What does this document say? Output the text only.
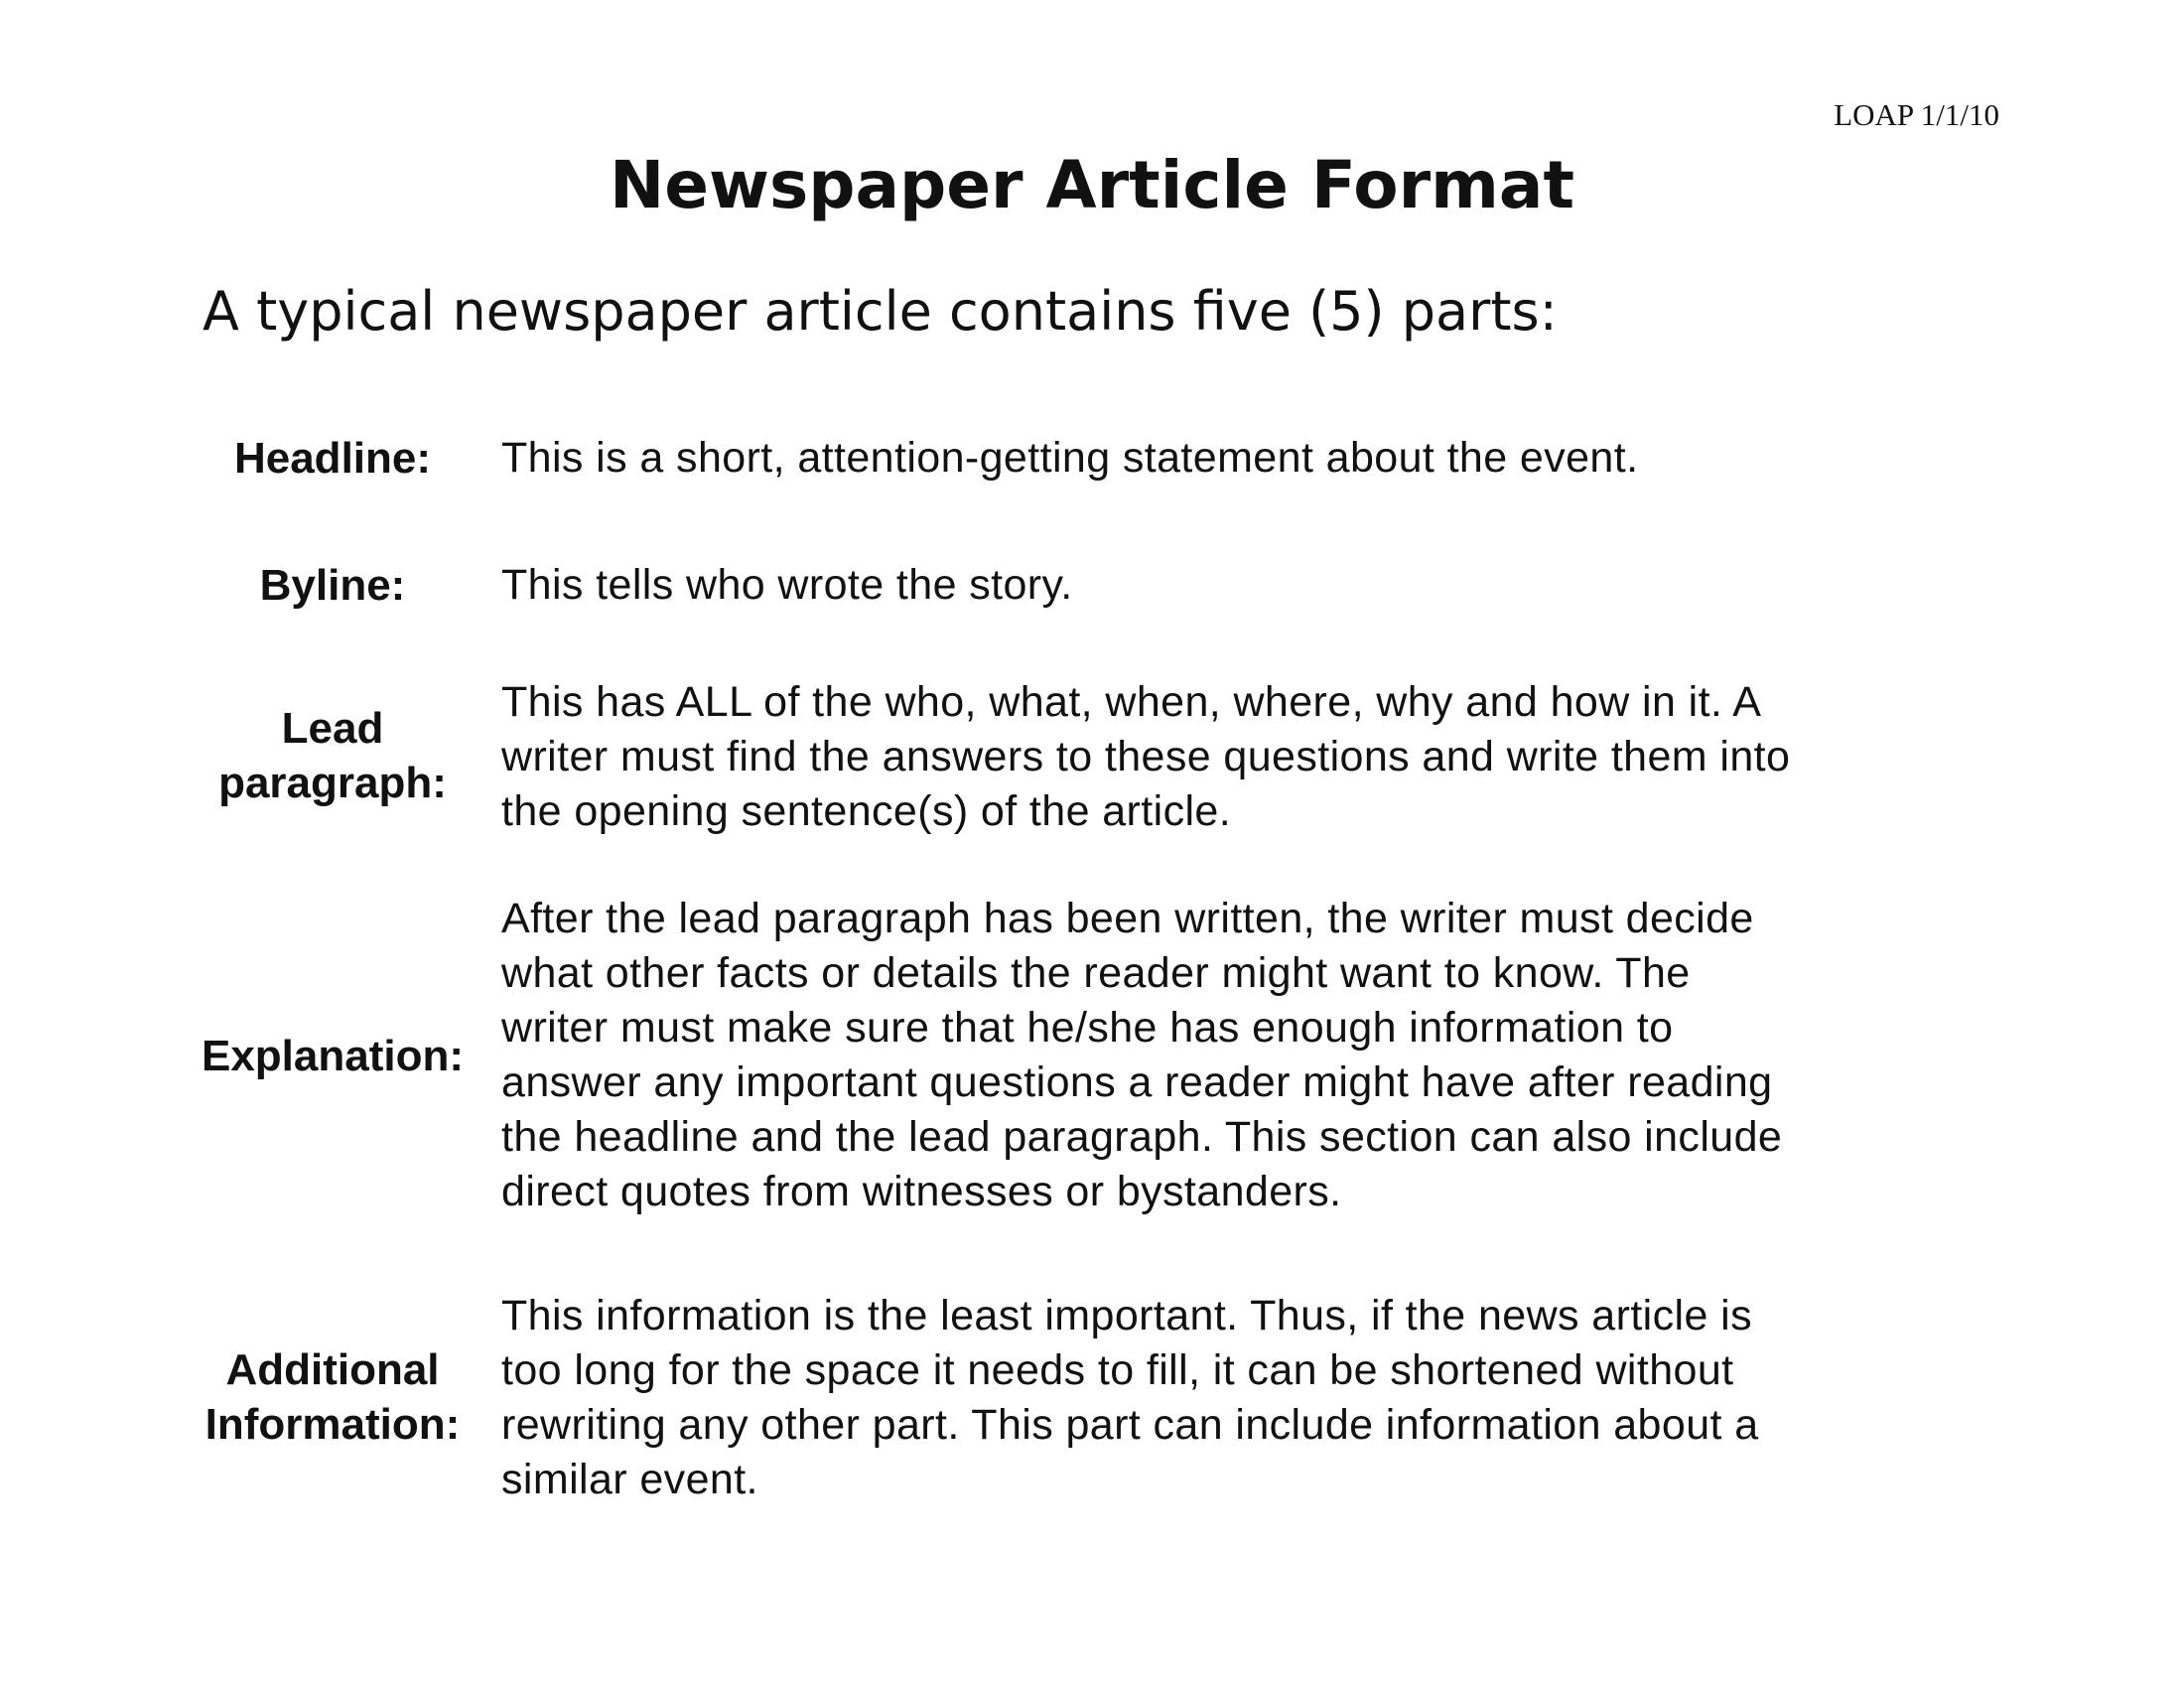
LOAP 1/1/10
Newspaper Article Format

A typical newspaper article contains five (5) parts:

Headline:	This is a short, attention-getting statement about the event.
Byline:	This tells who wrote the story.
Lead
paragraph:
This has ALL of the who, what, when, where, why and how in it. A
writer must find the answers to these questions and write them into
the opening sentence(s) of the article.
Explanation:
After the lead paragraph has been written, the writer must decide
what other facts or details the reader might want to know. The
writer must make sure that he/she has enough information to
answer any important questions a reader might have after reading
the headline and the lead paragraph. This section can also include
direct quotes from witnesses or bystanders.
Additional
Information:
This information is the least important. Thus, if the news article is
too long for the space it needs to fill, it can be shortened without
rewriting any other part. This part can include information about a
similar event.
